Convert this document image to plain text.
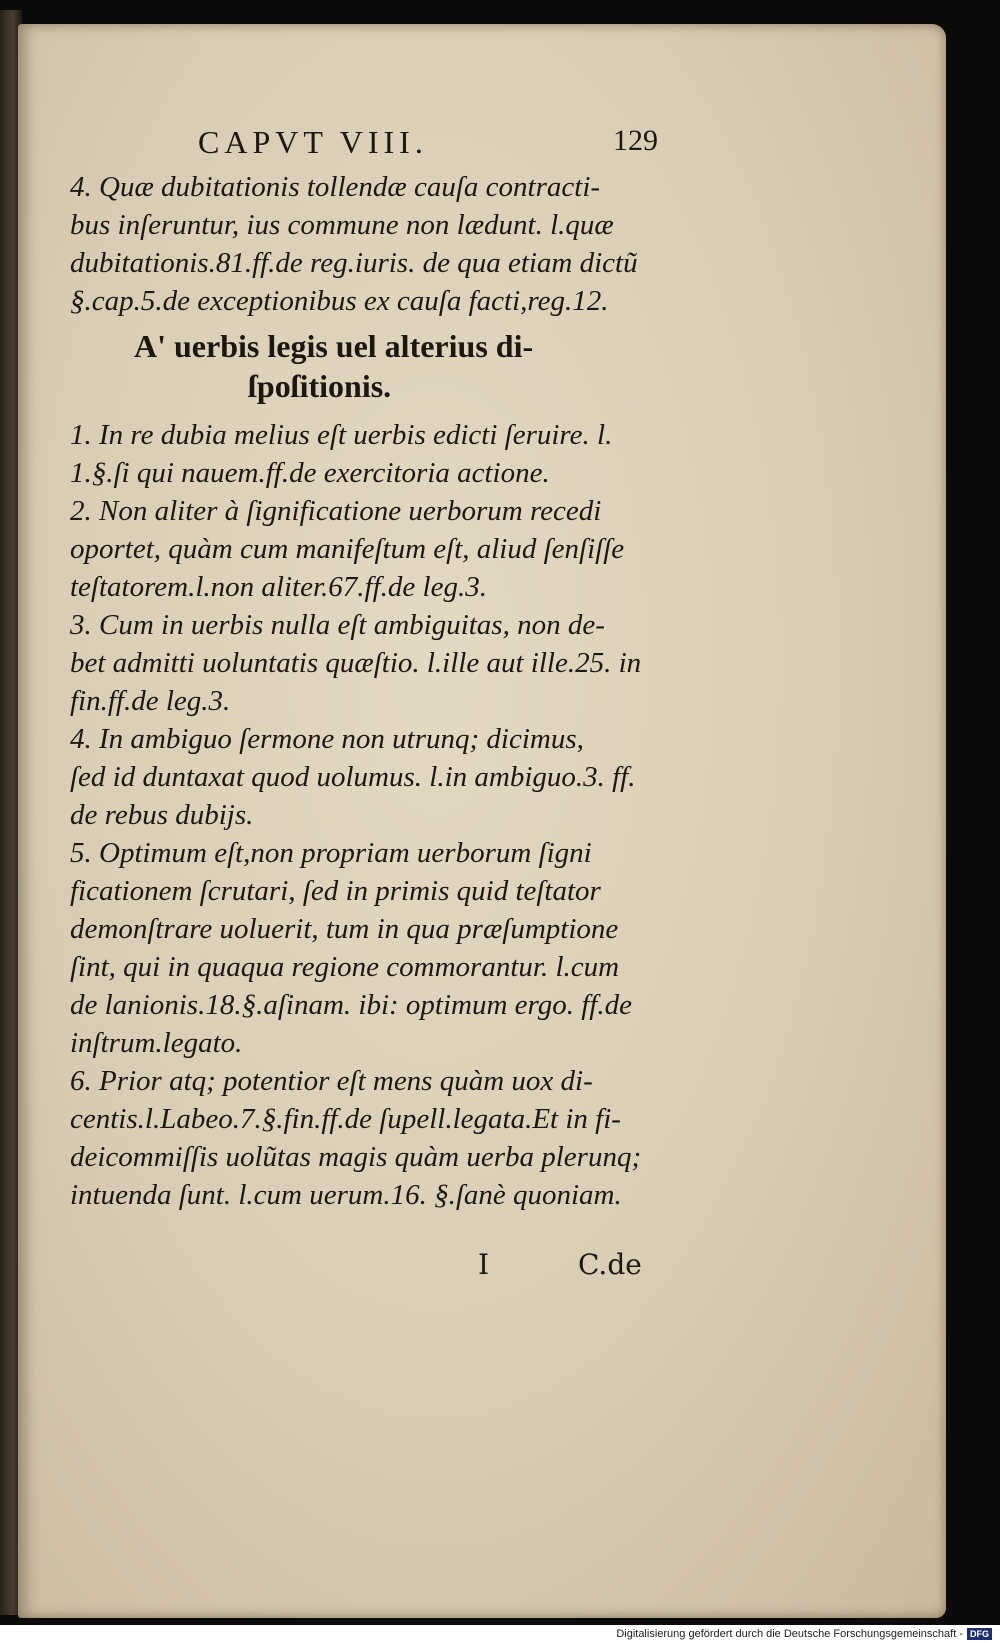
CAPVT VIII.	129
4. Quæ dubitationis tollendæ cauſa contracti-
bus inſeruntur, ius commune non lædunt. l.quæ
dubitationis.81.ff.de reg.iuris. de qua etiam dictũ
§.cap.5.de exceptionibus ex cauſa facti,reg.12.
A' uerbis legis uel alterius di-
ſpoſitionis.
1. In re dubia melius eſt uerbis edicti ſeruire. l.
1.§.ſi qui nauem.ff.de exercitoria actione.
2. Non aliter à ſignificatione uerborum recedi
oportet, quàm cum manifeſtum eſt, aliud ſenſiſſe
teſtatorem.l.non aliter.67.ff.de leg.3.
3. Cum in uerbis nulla eſt ambiguitas, non de-
bet admitti uoluntatis quæſtio. l.ille aut ille.25. in
fin.ff.de leg.3.
4. In ambiguo ſermone non utrunq; dicimus,
ſed id duntaxat quod uolumus. l.in ambiguo.3. ff.
de rebus dubijs.
5. Optimum eſt,non propriam uerborum ſigni
ficationem ſcrutari, ſed in primis quid teſtator
demonſtrare uoluerit, tum in qua præſumptione
ſint, qui in quaqua regione commorantur. l.cum
de lanionis.18.§.aſinam. ibi: optimum ergo. ff.de
inſtrum.legato.
6. Prior atq; potentior eſt mens quàm uox di-
centis.l.Labeo.7.§.fin.ff.de ſupell.legata.Et in fi-
deicommiſſis uolũtas magis quàm uerba plerunq;
intuenda ſunt. l.cum uerum.16. §.ſanè quoniam.
I	C.de
Digitalisierung gefördert durch die Deutsche Forschungsgemeinschaft - DFG
